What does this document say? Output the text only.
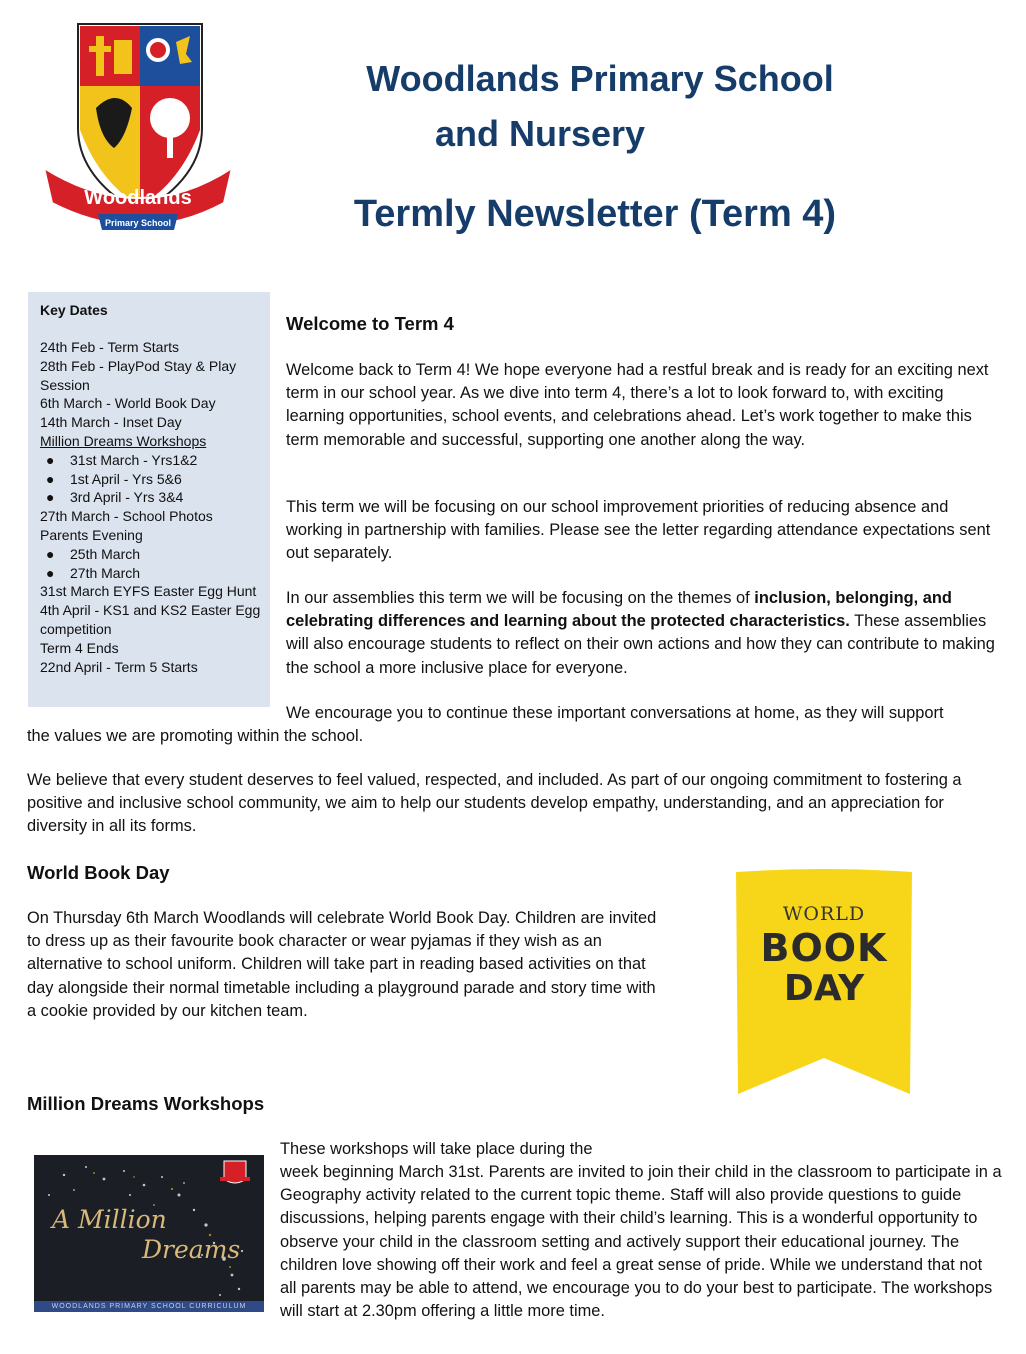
Woodlands
Primary School
Woodlands Primary School
and Nursery
Termly Newsletter (Term 4)
Key Dates
24th Feb - Term Starts
28th Feb - PlayPod Stay & Play Session
6th March - World Book Day
14th March - Inset Day
Million Dreams Workshops
● 31st March - Yrs1&2
● 1st April - Yrs 5&6
● 3rd April - Yrs 3&4
27th March - School Photos
Parents Evening
● 25th March
● 27th March
31st March EYFS Easter Egg Hunt
4th April - KS1 and KS2 Easter Egg competition
Term 4 Ends
22nd April - Term 5 Starts
Welcome to Term 4
Welcome back to Term 4! We hope everyone had a restful break and is ready for an exciting next term in our school year. As we dive into term 4, there’s a lot to look forward to, with exciting learning opportunities, school events, and celebrations ahead. Let’s work together to make this term memorable and successful, supporting one another along the way.
This term we will be focusing on our school improvement priorities of reducing absence and working in partnership with families. Please see the letter regarding attendance expectations sent out separately.
In our assemblies this term we will be focusing on the themes of inclusion, belonging, and celebrating differences and learning about the protected characteristics. These assemblies will also encourage students to reflect on their own actions and how they can contribute to making the school a more inclusive place for everyone.
We encourage you to continue these important conversations at home, as they will support
the values we are promoting within the school.
We believe that every student deserves to feel valued, respected, and included. As part of our ongoing commitment to fostering a positive and inclusive school community, we aim to help our students develop empathy, understanding, and an appreciation for diversity in all its forms.
World Book Day
On Thursday 6th March Woodlands will celebrate World Book Day. Children are invited to dress up as their favourite book character or wear pyjamas if they wish as an alternative to school uniform. Children will take part in reading based activities on that day alongside their normal timetable including a playground parade and story time with a cookie provided by our kitchen team.
WORLD
BOOK
DAY
Million Dreams Workshops
A Million
Dreams
WOODLANDS PRIMARY SCHOOL CURRICULUM
These workshops will take place during the
week beginning March 31st. Parents are invited to join their child in the classroom to participate in a Geography activity related to the current topic theme. Staff will also provide questions to guide discussions, helping parents engage with their child’s learning. This is a wonderful opportunity to observe your child in the classroom setting and actively support their educational journey. The children love showing off their work and feel a great sense of pride. While we understand that not all parents may be able to attend, we encourage you to do your best to participate. The workshops will start at 2.30pm offering a little more time.
